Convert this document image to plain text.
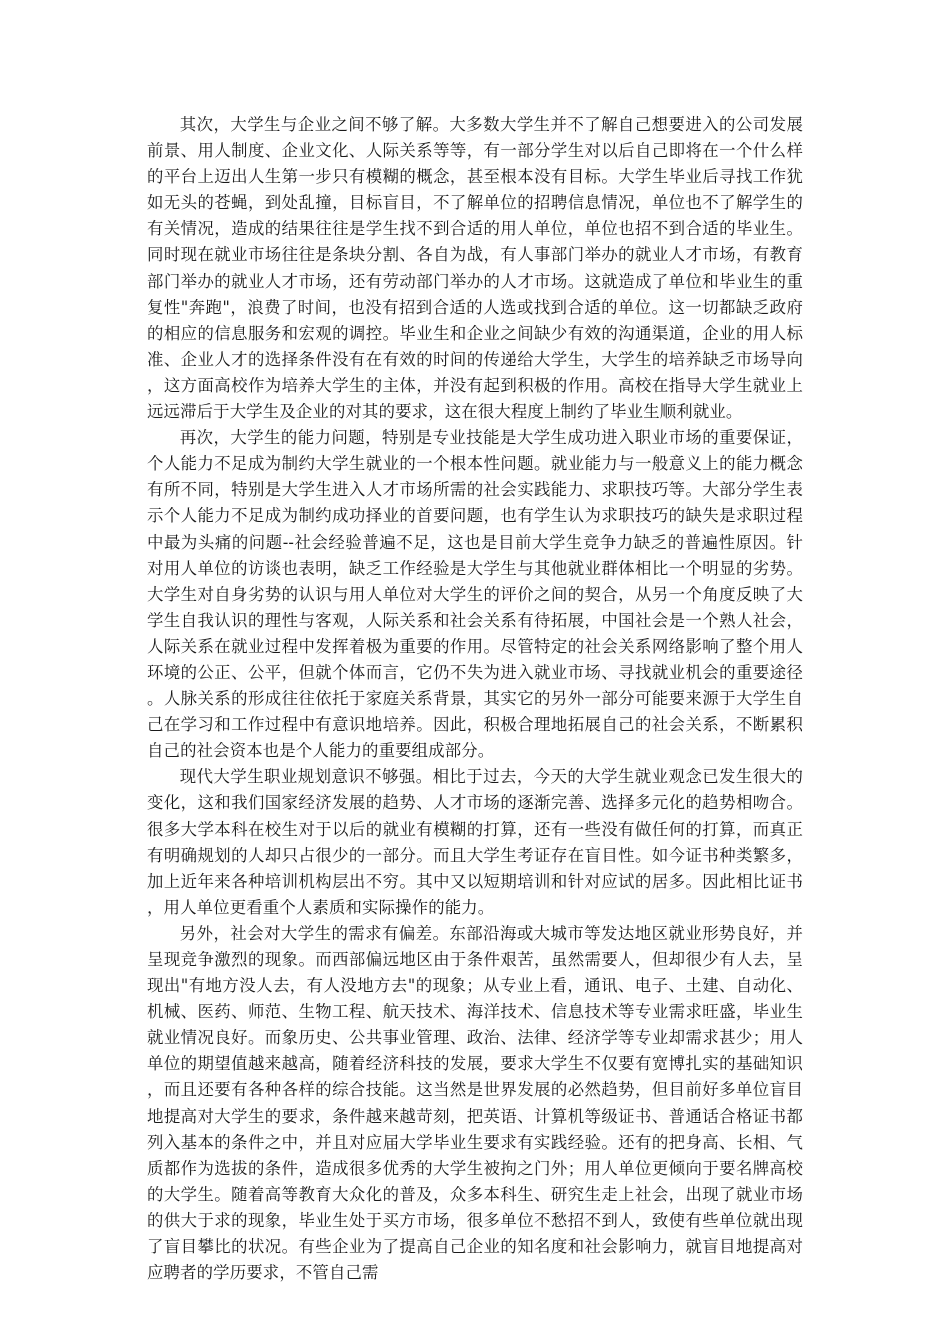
其次，大学生与企业之间不够了解。大多数大学生并不了解自己想要进入的公司发展前景、用人制度、企业文化、人际关系等等，有一部分学生对以后自己即将在一个什么样的平台上迈出人生第一步只有模糊的概念，甚至根本没有目标。大学生毕业后寻找工作犹如无头的苍蝇，到处乱撞，目标盲目，不了解单位的招聘信息情况，单位也不了解学生的有关情况，造成的结果往往是学生找不到合适的用人单位，单位也招不到合适的毕业生。同时现在就业市场往往是条块分割、各自为战，有人事部门举办的就业人才市场，有教育部门举办的就业人才市场，还有劳动部门举办的人才市场。这就造成了单位和毕业生的重复性"奔跑"，浪费了时间，也没有招到合适的人选或找到合适的单位。这一切都缺乏政府的相应的信息服务和宏观的调控。毕业生和企业之间缺少有效的沟通渠道，企业的用人标准、企业人才的选择条件没有在有效的时间的传递给大学生，大学生的培养缺乏市场导向，这方面高校作为培养大学生的主体，并没有起到积极的作用。高校在指导大学生就业上远远滞后于大学生及企业的对其的要求，这在很大程度上制约了毕业生顺利就业。

再次，大学生的能力问题，特别是专业技能是大学生成功进入职业市场的重要保证，个人能力不足成为制约大学生就业的一个根本性问题。就业能力与一般意义上的能力概念有所不同，特别是大学生进入人才市场所需的社会实践能力、求职技巧等。大部分学生表示个人能力不足成为制约成功择业的首要问题，也有学生认为求职技巧的缺失是求职过程中最为头痛的问题--社会经验普遍不足，这也是目前大学生竞争力缺乏的普遍性原因。针对用人单位的访谈也表明，缺乏工作经验是大学生与其他就业群体相比一个明显的劣势。大学生对自身劣势的认识与用人单位对大学生的评价之间的契合，从另一个角度反映了大学生自我认识的理性与客观，人际关系和社会关系有待拓展，中国社会是一个熟人社会，人际关系在就业过程中发挥着极为重要的作用。尽管特定的社会关系网络影响了整个用人环境的公正、公平，但就个体而言，它仍不失为进入就业市场、寻找就业机会的重要途径。人脉关系的形成往往依托于家庭关系背景，其实它的另外一部分可能要来源于大学生自己在学习和工作过程中有意识地培养。因此，积极合理地拓展自己的社会关系，不断累积自己的社会资本也是个人能力的重要组成部分。

现代大学生职业规划意识不够强。相比于过去，今天的大学生就业观念已发生很大的变化，这和我们国家经济发展的趋势、人才市场的逐渐完善、选择多元化的趋势相吻合。很多大学本科在校生对于以后的就业有模糊的打算，还有一些没有做任何的打算，而真正有明确规划的人却只占很少的一部分。而且大学生考证存在盲目性。如今证书种类繁多，加上近年来各种培训机构层出不穷。其中又以短期培训和针对应试的居多。因此相比证书，用人单位更看重个人素质和实际操作的能力。

另外，社会对大学生的需求有偏差。东部沿海或大城市等发达地区就业形势良好，并呈现竞争激烈的现象。而西部偏远地区由于条件艰苦，虽然需要人，但却很少有人去，呈现出"有地方没人去，有人没地方去"的现象；从专业上看，通讯、电子、土建、自动化、机械、医药、师范、生物工程、航天技术、海洋技术、信息技术等专业需求旺盛，毕业生就业情况良好。而象历史、公共事业管理、政治、法律、经济学等专业却需求甚少；用人单位的期望值越来越高，随着经济科技的发展，要求大学生不仅要有宽博扎实的基础知识，而且还要有各种各样的综合技能。这当然是世界发展的必然趋势，但目前好多单位盲目地提高对大学生的要求，条件越来越苛刻，把英语、计算机等级证书、普通话合格证书都列入基本的条件之中，并且对应届大学毕业生要求有实践经验。还有的把身高、长相、气质都作为选拔的条件，造成很多优秀的大学生被拘之门外；用人单位更倾向于要名牌高校的大学生。随着高等教育大众化的普及，众多本科生、研究生走上社会，出现了就业市场的供大于求的现象，毕业生处于买方市场，很多单位不愁招不到人，致使有些单位就出现了盲目攀比的状况。有些企业为了提高自己企业的知名度和社会影响力，就盲目地提高对应聘者的学历要求，不管自己需
